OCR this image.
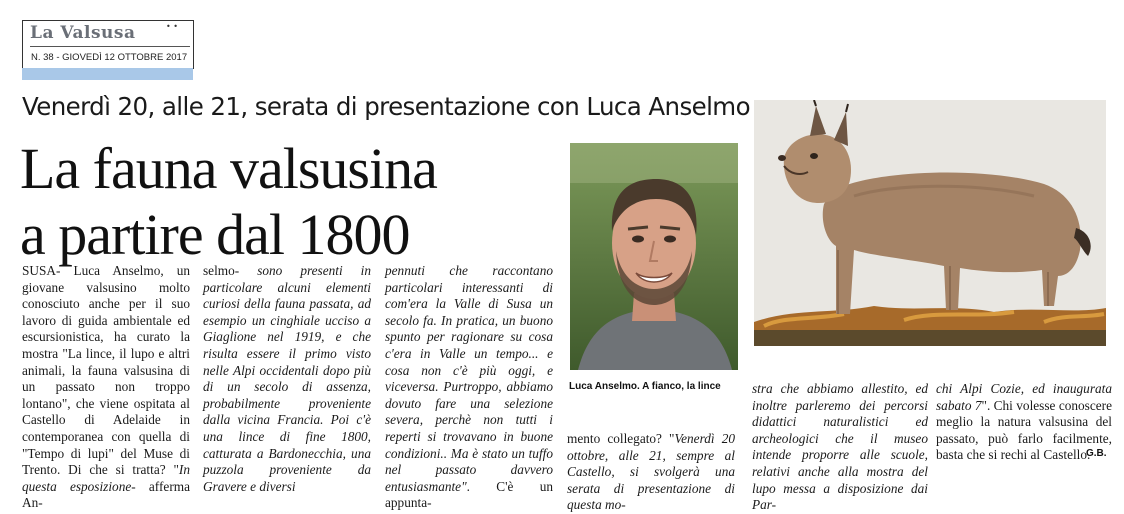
La Valsusa	• •
N. 38 - GIOVEDÌ 12 OTTOBRE 2017
Venerdì 20, alle 21, serata di presentazione con Luca Anselmo
La fauna valsusina
a partire dal 1800

SUSA- Luca Anselmo, un giovane valsusino molto conosciuto anche per il suo lavoro di guida ambientale ed escursionistica, ha curato la mostra "La lince, il lupo e altri animali, la fauna valsusina di un passato non troppo lontano", che viene ospitata al Castello di Adelaide in contemporanea con quella di "Tempo di lupi" del Muse di Trento. Di che si tratta? "In questa esposizione- afferma An-

selmo- sono presenti in particolare alcuni elementi curiosi della fauna passata, ad esempio un cinghiale ucciso a Giaglione nel 1919, e che risulta essere il primo visto nelle Alpi occidentali dopo più di un secolo di assenza, probabilmente proveniente dalla vicina Francia. Poi c'è una lince di fine 1800, catturata a Bardonecchia, una puzzola proveniente da Gravere e diversi

pennuti che raccontano particolari interessanti di com'era la Valle di Susa un secolo fa. In pratica, un buono spunto per ragionare su cosa c'era in Valle un tempo... e cosa non c'è più oggi, e viceversa. Purtroppo, abbiamo dovuto fare una selezione severa, perchè non tutti i reperti si trovavano in buone condizioni.. Ma è stato un tuffo nel passato davvero entusiasmante". C'è un appunta-

mento collegato? "Venerdì 20 ottobre, alle 21, sempre al Castello, si svolgerà una serata di presentazione di questa mo-

stra che abbiamo allestito, ed inoltre parleremo dei percorsi didattici naturalistici ed archeologici che il museo intende proporre alle scuole, relativi anche alla mostra del lupo messa a disposizione dai Par-

chi Alpi Cozie, ed inaugurata sabato 7". Chi volesse conoscere meglio la natura valsusina del passato, può farlo facilmente, basta che si rechi al Castello.

Luca Anselmo. A fianco, la lince
G.B.
